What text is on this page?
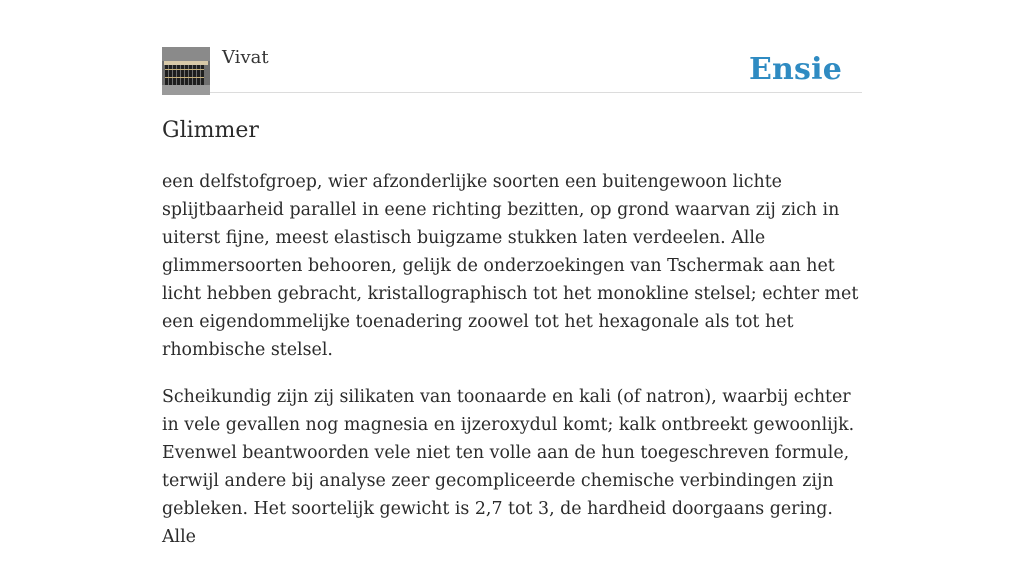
Vivat	Ensie
Glimmer

een delfstofgroep, wier afzonderlijke soorten een buitengewoon lichte splijtbaarheid parallel in eene richting bezitten, op grond waarvan zij zich in uiterst fijne, meest elastisch buigzame stukken laten verdeelen. Alle glimmersoorten behooren, gelijk de onderzoekingen van Tschermak aan het licht hebben gebracht, kristallographisch tot het monokline stelsel; echter met een eigendommelijke toenadering zoowel tot het hexagonale als tot het rhombische stelsel.

Scheikundig zijn zij silikaten van toonaarde en kali (of natron), waarbij echter in vele gevallen nog magnesia en ijzeroxydul komt; kalk ontbreekt gewoonlijk. Evenwel beantwoorden vele niet ten volle aan de hun toegeschreven formule, terwijl andere bij analyse zeer gecompliceerde chemische verbindingen zijn gebleken. Het soortelijk gewicht is 2,7 tot 3, de hardheid doorgaans gering. Alle
